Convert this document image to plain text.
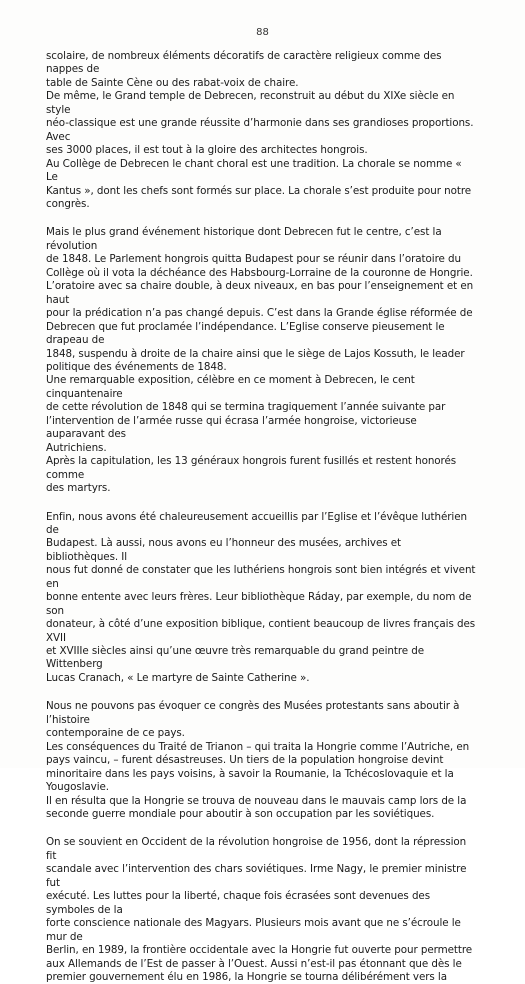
88
scolaire, de nombreux éléments décoratifs de caractère religieux comme des nappes de
table de Sainte Cène ou des rabat-voix de chaire.
De même, le Grand temple de Debrecen, reconstruit au début du XIXe siècle en style
néo-classique est une grande réussite d’harmonie dans ses grandioses proportions. Avec
ses 3000 places, il est tout à la gloire des architectes hongrois.
Au Collège de Debrecen le chant choral est une tradition. La chorale se nomme « Le
Kantus », dont les chefs sont formés sur place. La chorale s’est produite pour notre
congrès.
Mais le plus grand événement historique dont Debrecen fut le centre, c’est la révolution
de 1848. Le Parlement hongrois quitta Budapest pour se réunir dans l’oratoire du
Collège où il vota la déchéance des Habsbourg-Lorraine de la couronne de Hongrie.
L’oratoire avec sa chaire double, à deux niveaux, en bas pour l’enseignement et en haut
pour la prédication n’a pas changé depuis. C’est dans la Grande église réformée de
Debrecen que fut proclamée l’indépendance. L’Eglise conserve pieusement le drapeau de
1848, suspendu à droite de la chaire ainsi que le siège de Lajos Kossuth, le leader
politique des événements de 1848.
Une remarquable exposition, célèbre en ce moment à Debrecen, le cent cinquantenaire
de cette révolution de 1848 qui se termina tragiquement l’année suivante par
l’intervention de l’armée russe qui écrasa l’armée hongroise, victorieuse auparavant des
Autrichiens.
Après la capitulation, les 13 généraux hongrois furent fusillés et restent honorés comme
des martyrs.
Enfin, nous avons été chaleureusement accueillis par l’Eglise et l’évêque luthérien de
Budapest. Là aussi, nous avons eu l’honneur des musées, archives et bibliothèques. Il
nous fut donné de constater que les luthériens hongrois sont bien intégrés et vivent en
bonne entente avec leurs frères. Leur bibliothèque Ráday, par exemple, du nom de son
donateur, à côté d’une exposition biblique, contient beaucoup de livres français des XVII
et XVIIIe siècles ainsi qu’une œuvre très remarquable du grand peintre de Wittenberg
Lucas Cranach, « Le martyre de Sainte Catherine ».
Nous ne pouvons pas évoquer ce congrès des Musées protestants sans aboutir à l’histoire
contemporaine de ce pays.
Les conséquences du Traité de Trianon – qui traita la Hongrie comme l’Autriche, en
pays vaincu, – furent désastreuses. Un tiers de la population hongroise devint
minoritaire dans les pays voisins, à savoir la Roumanie, la Tchécoslovaquie et la
Yougoslavie.
Il en résulta que la Hongrie se trouva de nouveau dans le mauvais camp lors de la
seconde guerre mondiale pour aboutir à son occupation par les soviétiques.
On se souvient en Occident de la révolution hongroise de 1956, dont la répression fit
scandale avec l’intervention des chars soviétiques. Irme Nagy, le premier ministre fut
exécuté. Les luttes pour la liberté, chaque fois écrasées sont devenues des symboles de la
forte conscience nationale des Magyars. Plusieurs mois avant que ne s’écroule le mur de
Berlin, en 1989, la frontière occidentale avec la Hongrie fut ouverte pour permettre
aux Allemands de l’Est de passer à l’Ouest. Aussi n’est-il pas étonnant que dès le
premier gouvernement élu en 1986, la Hongrie se tourna délibérément vers la
